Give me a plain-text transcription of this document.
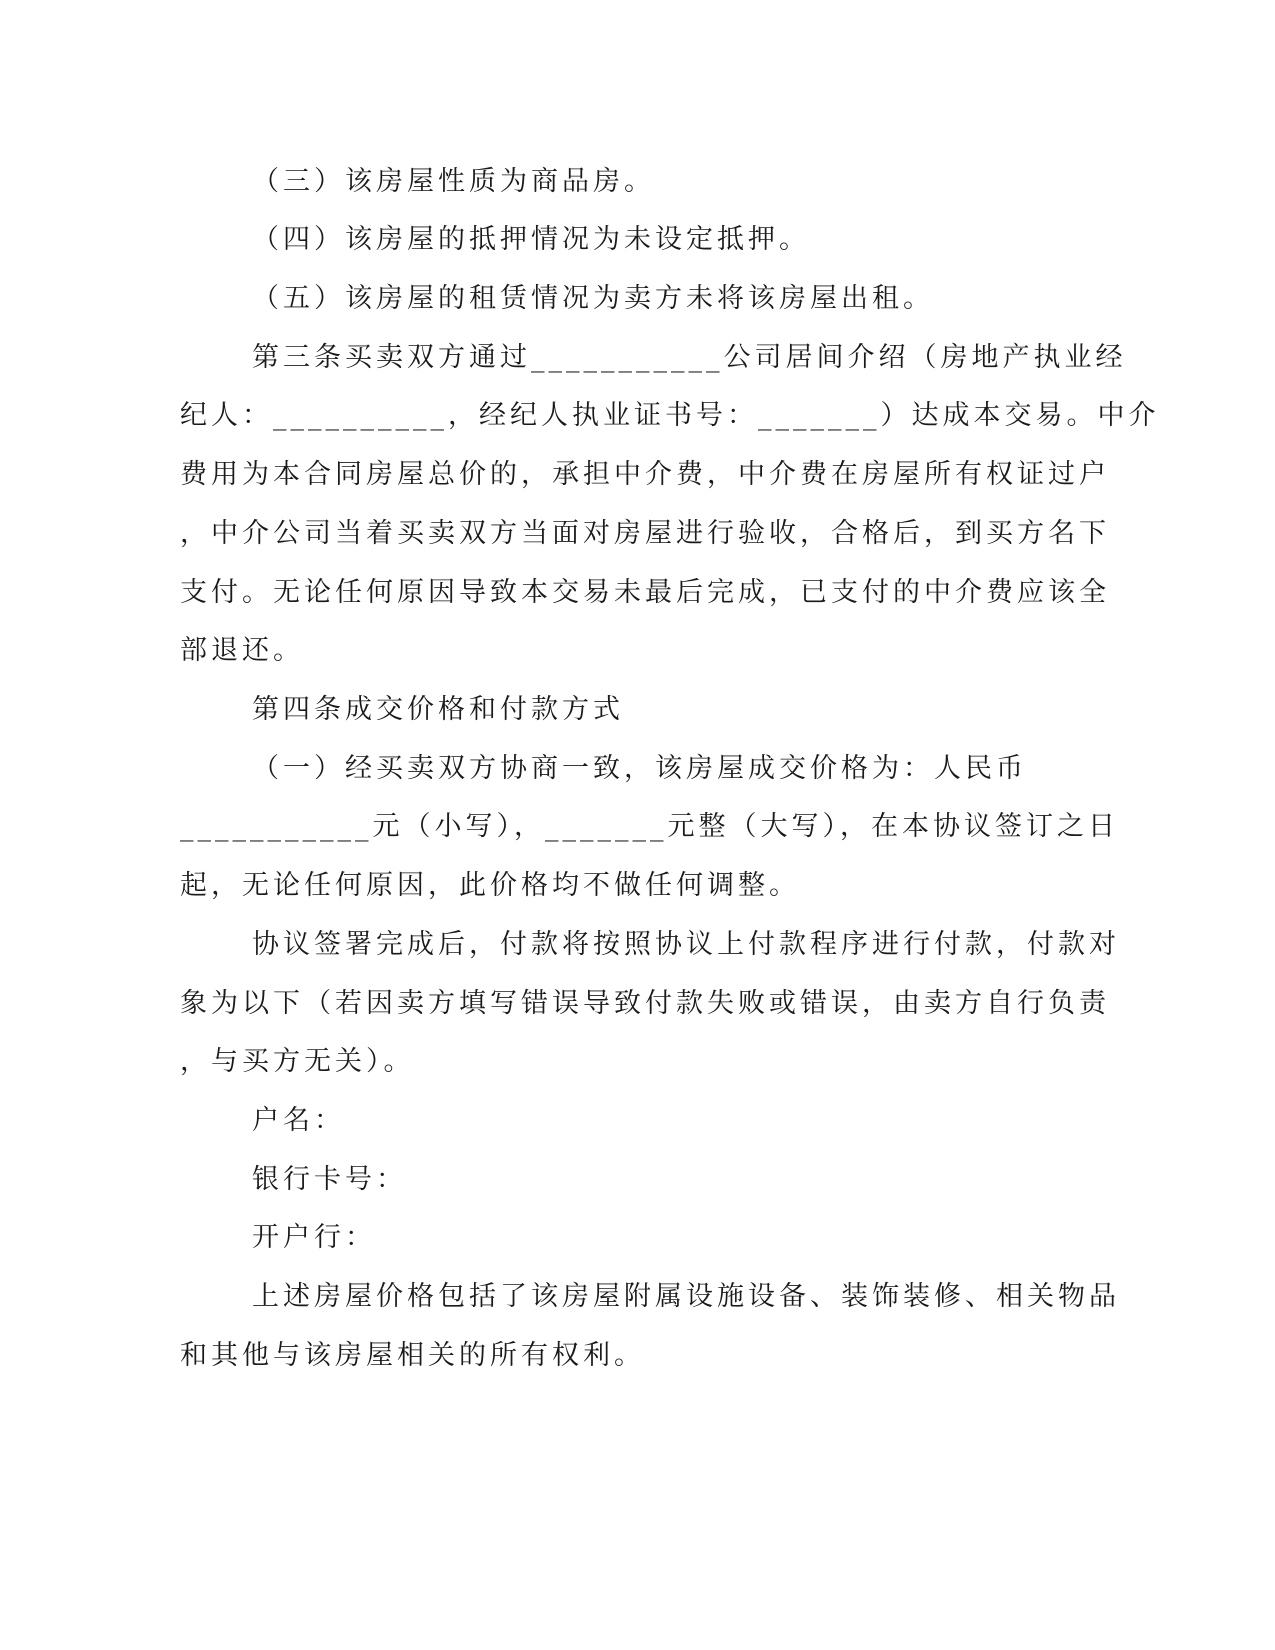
（三）该房屋性质为商品房。
（四）该房屋的抵押情况为未设定抵押。
（五）该房屋的租赁情况为卖方未将该房屋出租。
第三条买卖双方通过___________公司居间介绍（房地产执业经
纪人：__________，经纪人执业证书号：_______）达成本交易。中介
费用为本合同房屋总价的，承担中介费，中介费在房屋所有权证过户
，中介公司当着买卖双方当面对房屋进行验收，合格后，到买方名下
支付。无论任何原因导致本交易未最后完成，已支付的中介费应该全
部退还。
第四条成交价格和付款方式
（一）经买卖双方协商一致，该房屋成交价格为：人民币
___________元（小写），_______元整（大写），在本协议签订之日
起，无论任何原因，此价格均不做任何调整。
协议签署完成后，付款将按照协议上付款程序进行付款，付款对
象为以下（若因卖方填写错误导致付款失败或错误，由卖方自行负责
，与买方无关）。
户名：
银行卡号：
开户行：
上述房屋价格包括了该房屋附属设施设备、装饰装修、相关物品
和其他与该房屋相关的所有权利。
